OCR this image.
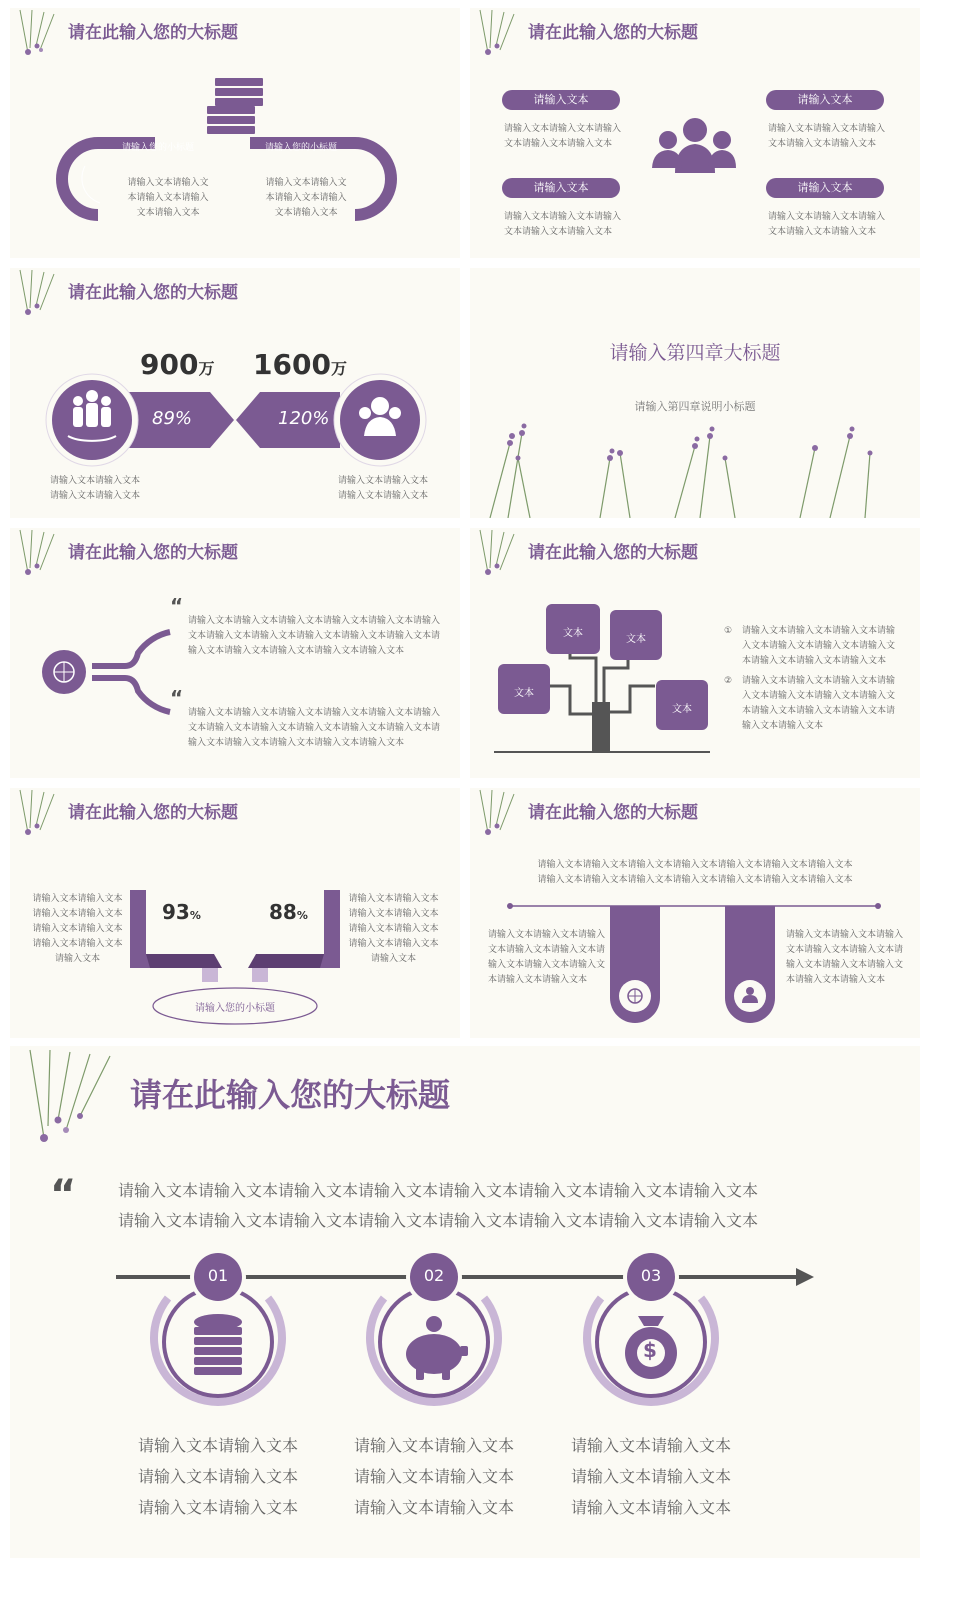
请在此输入您的大标题
请输入您的小标题	请输入您的小标题
请输入文本请输入文
本请输入文本请输入
文本请输入文本
请输入文本请输入文
本请输入文本请输入
文本请输入文本
请在此输入您的大标题
请输入文本	请输入文本
请输入文本	请输入文本
请输入文本请输入文本请输入
文本请输入文本请输入文本
请输入文本请输入文本请输入
文本请输入文本请输入文本
请输入文本请输入文本请输入
文本请输入文本请输入文本
请输入文本请输入文本请输入
文本请输入文本请输入文本
请在此输入您的大标题
900万 1600万
89%	120%
请输入文本请输入文本
请输入文本请输入文本
请输入文本请输入文本
请输入文本请输入文本
请输入第四章大标题
请输入第四章说明小标题
请在此输入您的大标题
“
“
请输入文本请输入文本请输入文本请输入文本请输入文本请输入
文本请输入文本请输入文本请输入文本请输入文本请输入文本请
输入文本请输入文本请输入文本请输入文本请输入文本
请输入文本请输入文本请输入文本请输入文本请输入文本请输入
文本请输入文本请输入文本请输入文本请输入文本请输入文本请
输入文本请输入文本请输入文本请输入文本请输入文本
请在此输入您的大标题
文本
文本
文本
文本
① 请输入文本请输入文本请输入文本请输
入文本请输入文本请输入文本请输入文
本请输入文本请输入文本请输入文本
② 请输入文本请输入文本请输入文本请输
入文本请输入文本请输入文本请输入文
本请输入文本请输入文本请输入文本请
输入文本请输入文本
请在此输入您的大标题
93%	88%
请输入您的小标题
请输入文本请输入文本
请输入文本请输入文本
请输入文本请输入文本
请输入文本请输入文本
请输入文本
请输入文本请输入文本
请输入文本请输入文本
请输入文本请输入文本
请输入文本请输入文本
请输入文本
请在此输入您的大标题
请输入文本请输入文本请输入文本请输入文本请输入文本请输入文本请输入文本
请输入文本请输入文本请输入文本请输入文本请输入文本请输入文本请输入文本
请输入文本请输入文本请输入
文本请输入文本请输入文本请
输入文本请输入文本请输入文
本请输入文本请输入文本
请输入文本请输入文本请输入
文本请输入文本请输入文本请
输入文本请输入文本请输入文
本请输入文本请输入文本
请在此输入您的大标题
“	请输入文本请输入文本请输入文本请输入文本请输入文本请输入文本请输入文本请输入文本
请输入文本请输入文本请输入文本请输入文本请输入文本请输入文本请输入文本请输入文本
$
01	02	03
请输入文本请输入文本
请输入文本请输入文本
请输入文本请输入文本
请输入文本请输入文本
请输入文本请输入文本
请输入文本请输入文本
请输入文本请输入文本
请输入文本请输入文本
请输入文本请输入文本
